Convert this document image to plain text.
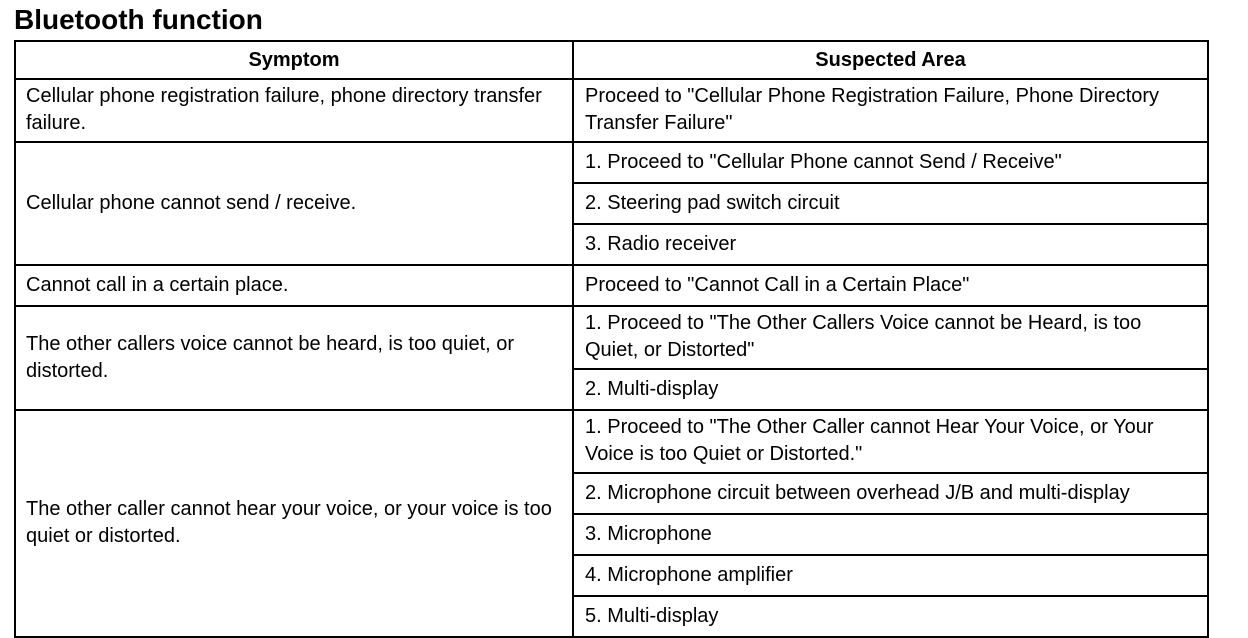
Bluetooth function
Symptom	Suspected Area
Cellular phone registration failure, phone directory transfer failure.	Proceed to "Cellular Phone Registration Failure, Phone Directory Transfer Failure"
Cellular phone cannot send / receive.	1. Proceed to "Cellular Phone cannot Send / Receive"
	2. Steering pad switch circuit
	3. Radio receiver
Cannot call in a certain place.	Proceed to "Cannot Call in a Certain Place"
The other callers voice cannot be heard, is too quiet, or distorted.	1. Proceed to "The Other Callers Voice cannot be Heard, is too Quiet, or Distorted"
	2. Multi-display
The other caller cannot hear your voice, or your voice is too quiet or distorted.	1. Proceed to "The Other Caller cannot Hear Your Voice, or Your Voice is too Quiet or Distorted."
	2. Microphone circuit between overhead J/B and multi-display
	3. Microphone
	4. Microphone amplifier
	5. Multi-display
